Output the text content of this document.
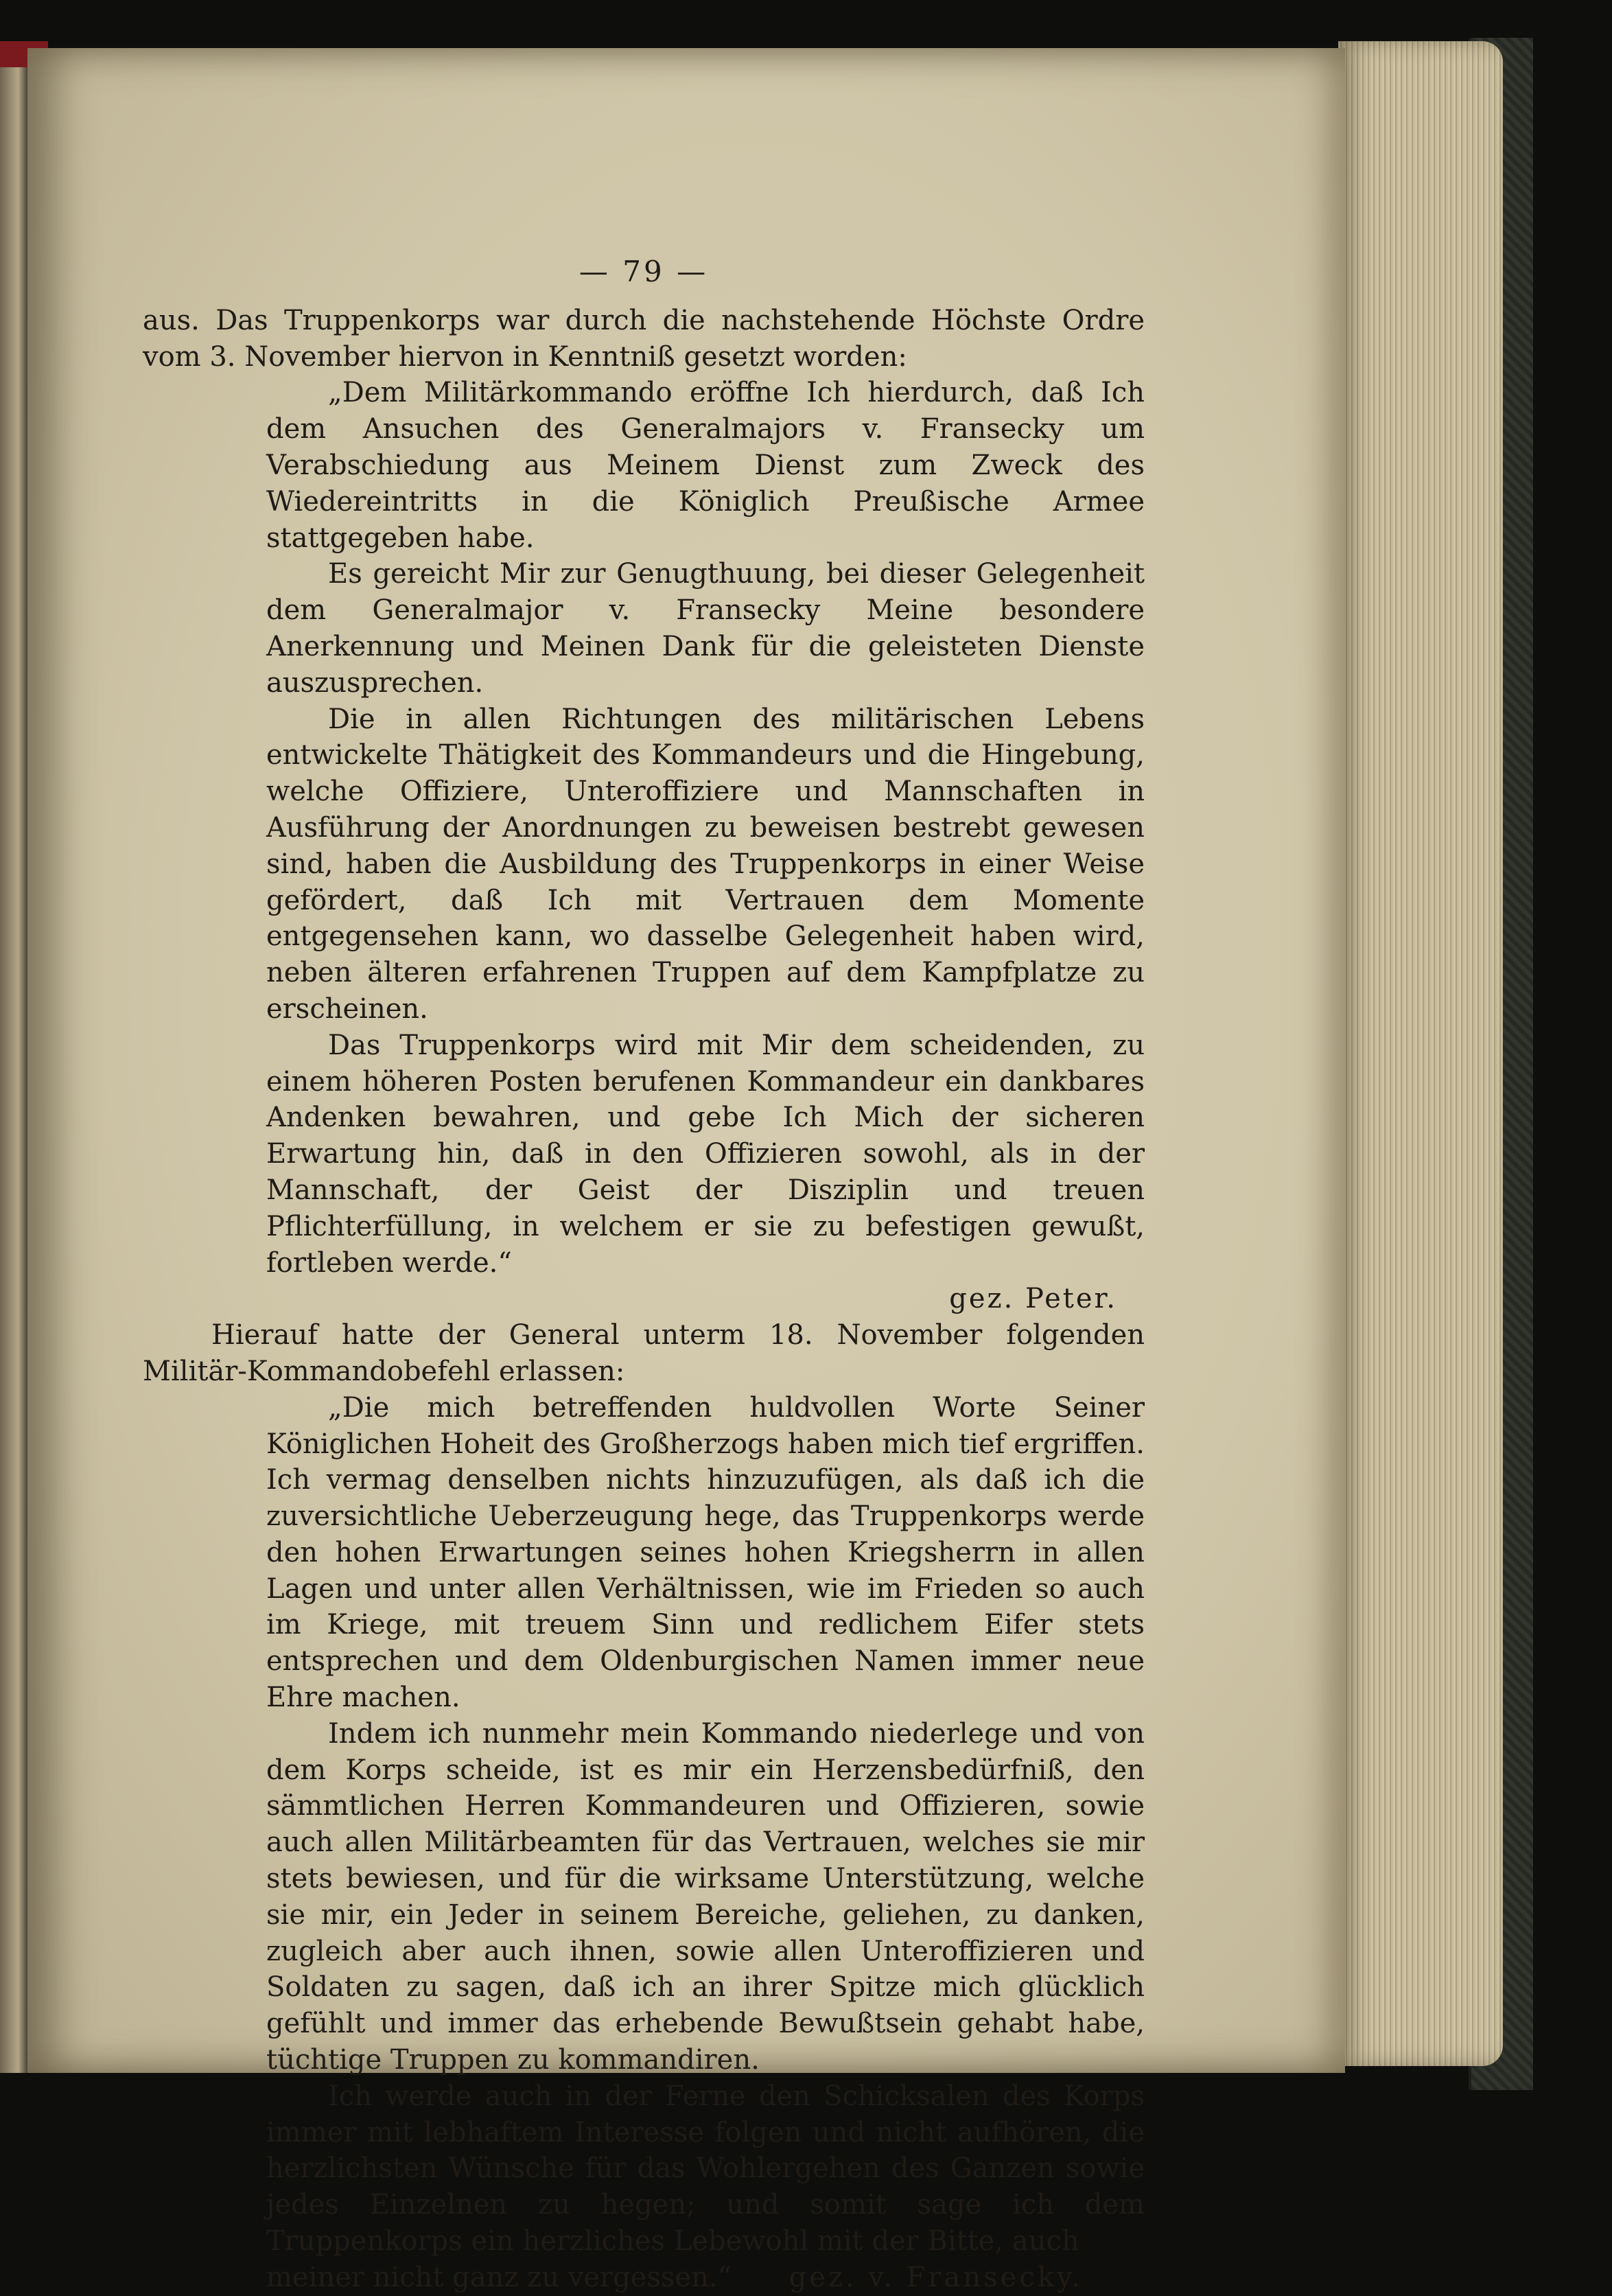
— 79 —

aus. Das Truppenkorps war durch die nachstehende Höchste Ordre vom 3. November hiervon in Kenntniß gesetzt worden:

„Dem Militärkommando eröffne Ich hierdurch, daß Ich dem Ansuchen des Generalmajors v. Fransecky um Verabschiedung aus Meinem Dienst zum Zweck des Wiedereintritts in die Königlich Preußische Armee stattgegeben habe.

Es gereicht Mir zur Genugthuung, bei dieser Gelegenheit dem Generalmajor v. Fransecky Meine besondere Anerkennung und Meinen Dank für die geleisteten Dienste auszusprechen.

Die in allen Richtungen des militärischen Lebens entwickelte Thätigkeit des Kommandeurs und die Hingebung, welche Offiziere, Unteroffiziere und Mannschaften in Ausführung der Anordnungen zu beweisen bestrebt gewesen sind, haben die Ausbildung des Truppenkorps in einer Weise gefördert, daß Ich mit Vertrauen dem Momente entgegensehen kann, wo dasselbe Gelegenheit haben wird, neben älteren erfahrenen Truppen auf dem Kampfplatze zu erscheinen.

Das Truppenkorps wird mit Mir dem scheidenden, zu einem höheren Posten berufenen Kommandeur ein dankbares Andenken bewahren, und gebe Ich Mich der sicheren Erwartung hin, daß in den Offizieren sowohl, als in der Mannschaft, der Geist der Disziplin und treuen Pflichterfüllung, in welchem er sie zu befestigen gewußt, fortleben werde.“

gez. Peter.

Hierauf hatte der General unterm 18. November folgenden Militär-Kommandobefehl erlassen:

„Die mich betreffenden huldvollen Worte Seiner Königlichen Hoheit des Großherzogs haben mich tief ergriffen. Ich vermag denselben nichts hinzuzufügen, als daß ich die zuversichtliche Ueberzeugung hege, das Truppenkorps werde den hohen Erwartungen seines hohen Kriegsherrn in allen Lagen und unter allen Verhältnissen, wie im Frieden so auch im Kriege, mit treuem Sinn und redlichem Eifer stets entsprechen und dem Oldenburgischen Namen immer neue Ehre machen.

Indem ich nunmehr mein Kommando niederlege und von dem Korps scheide, ist es mir ein Herzensbedürfniß, den sämmtlichen Herren Kommandeuren und Offizieren, sowie auch allen Militärbeamten für das Vertrauen, welches sie mir stets bewiesen, und für die wirksame Unterstützung, welche sie mir, ein Jeder in seinem Bereiche, geliehen, zu danken, zugleich aber auch ihnen, sowie allen Unteroffizieren und Soldaten zu sagen, daß ich an ihrer Spitze mich glücklich gefühlt und immer das erhebende Bewußtsein gehabt habe, tüchtige Truppen zu kommandiren.

Ich werde auch in der Ferne den Schicksalen des Korps immer mit lebhaftem Interesse folgen und nicht aufhören, die herzlichsten Wünsche für das Wohlergehen des Ganzen sowie jedes Einzelnen zu hegen; und somit sage ich dem Truppenkorps ein herzliches Lebewohl mit der Bitte, auch

meiner nicht ganz zu vergessen.“ gez. v. Fransecky.
